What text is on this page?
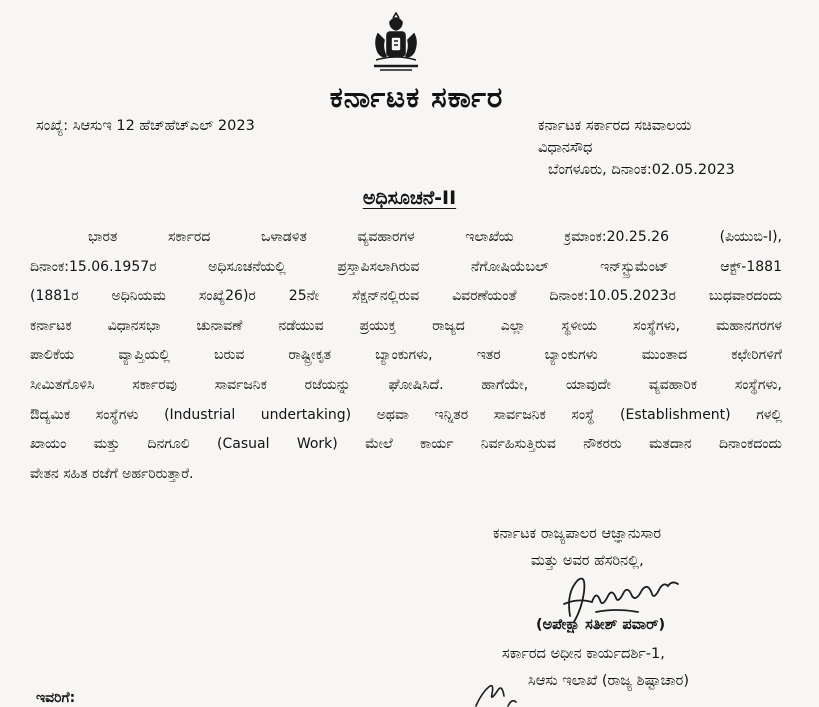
ಕರ್ನಾಟಕ ಸರ್ಕಾರ
ಸಂಖ್ಯೆ: ಸಿಆಸುಇ 12 ಹೆಚ್‌ಹೆಚ್‌ಎಲ್ 2023	ಕರ್ನಾಟಕ ಸರ್ಕಾರದ ಸಚಿವಾಲಯ
ವಿಧಾನಸೌಧ
ಬೆಂಗಳೂರು, ದಿನಾಂಕ:02.05.2023
ಅಧಿಸೂಚನೆ-II
ಭಾರತ ಸರ್ಕಾರದ ಒಳಾಡಳಿತ ವ್ಯವಹಾರಗಳ ಇಲಾಖೆಯ ಕ್ರಮಾಂಕ:20.25.26 (ಪಿಯುಬಿ-I),
ದಿನಾಂಕ:15.06.1957ರ ಅಧಿಸೂಚನೆಯಲ್ಲಿ ಪ್ರಸ್ತಾಪಿಸಲಾಗಿರುವ ನೆಗೋಷಿಯೆಬಲ್ ಇನ್‌ಸ್ಟ್ರುಮೆಂಟ್ ಆಕ್ಟ್-1881
(1881ರ ಅಧಿನಿಯಮ ಸಂಖ್ಯೆ26)ರ 25ನೇ ಸೆಕ್ಷನ್‌ನಲ್ಲಿರುವ ವಿವರಣೆಯಂತೆ ದಿನಾಂಕ:10.05.2023ರ ಬುಧವಾರದಂದು
ಕರ್ನಾಟಕ ವಿಧಾನಸಭಾ ಚುನಾವಣೆ ನಡೆಯುವ ಪ್ರಯುಕ್ತ ರಾಜ್ಯದ ಎಲ್ಲಾ ಸ್ಥಳೀಯ ಸಂಸ್ಥೆಗಳು, ಮಹಾನಗರಗಳ
ಪಾಲಿಕೆಯ ವ್ಯಾಪ್ತಿಯಲ್ಲಿ ಬರುವ ರಾಷ್ಟ್ರೀಕೃತ ಬ್ಯಾಂಕುಗಳು, ಇತರ ಬ್ಯಾಂಕುಗಳು ಮುಂತಾದ ಕಛೇರಿಗಳಿಗೆ
ಸೀಮಿತಗೊಳಿಸಿ ಸರ್ಕಾರವು ಸಾರ್ವಜನಿಕ ರಜೆಯನ್ನು ಘೋಷಿಸಿದೆ. ಹಾಗೆಯೇ, ಯಾವುದೇ ವ್ಯವಹಾರಿಕ ಸಂಸ್ಥೆಗಳು,
ಔದ್ಯಮಿಕ ಸಂಸ್ಥೆಗಳು (Industrial undertaking) ಅಥವಾ ಇನ್ನಿತರ ಸಾರ್ವಜನಿಕ ಸಂಸ್ಥೆ (Establishment) ಗಳಲ್ಲಿ
ಖಾಯಂ ಮತ್ತು ದಿನಗೂಲಿ (Casual Work) ಮೇಲೆ ಕಾರ್ಯ ನಿರ್ವಹಿಸುತ್ತಿರುವ ನೌಕರರು ಮತದಾನ ದಿನಾಂಕದಂದು
ವೇತನ ಸಹಿತ ರಜೆಗೆ ಅರ್ಹರಿರುತ್ತಾರೆ.
ಕರ್ನಾಟಕ ರಾಜ್ಯಪಾಲರ ಆಜ್ಞಾನುಸಾರ
ಮತ್ತು ಅವರ ಹೆಸರಿನಲ್ಲಿ,
(ಅಪೇಕ್ಷಾ ಸತೀಶ್ ಪವಾರ್)
ಸರ್ಕಾರದ ಅಧೀನ ಕಾರ್ಯದರ್ಶಿ-1,
ಸಿಆಸು ಇಲಾಖೆ (ರಾಜ್ಯ ಶಿಷ್ಟಾಚಾರ)
ಇವರಿಗೆ:
